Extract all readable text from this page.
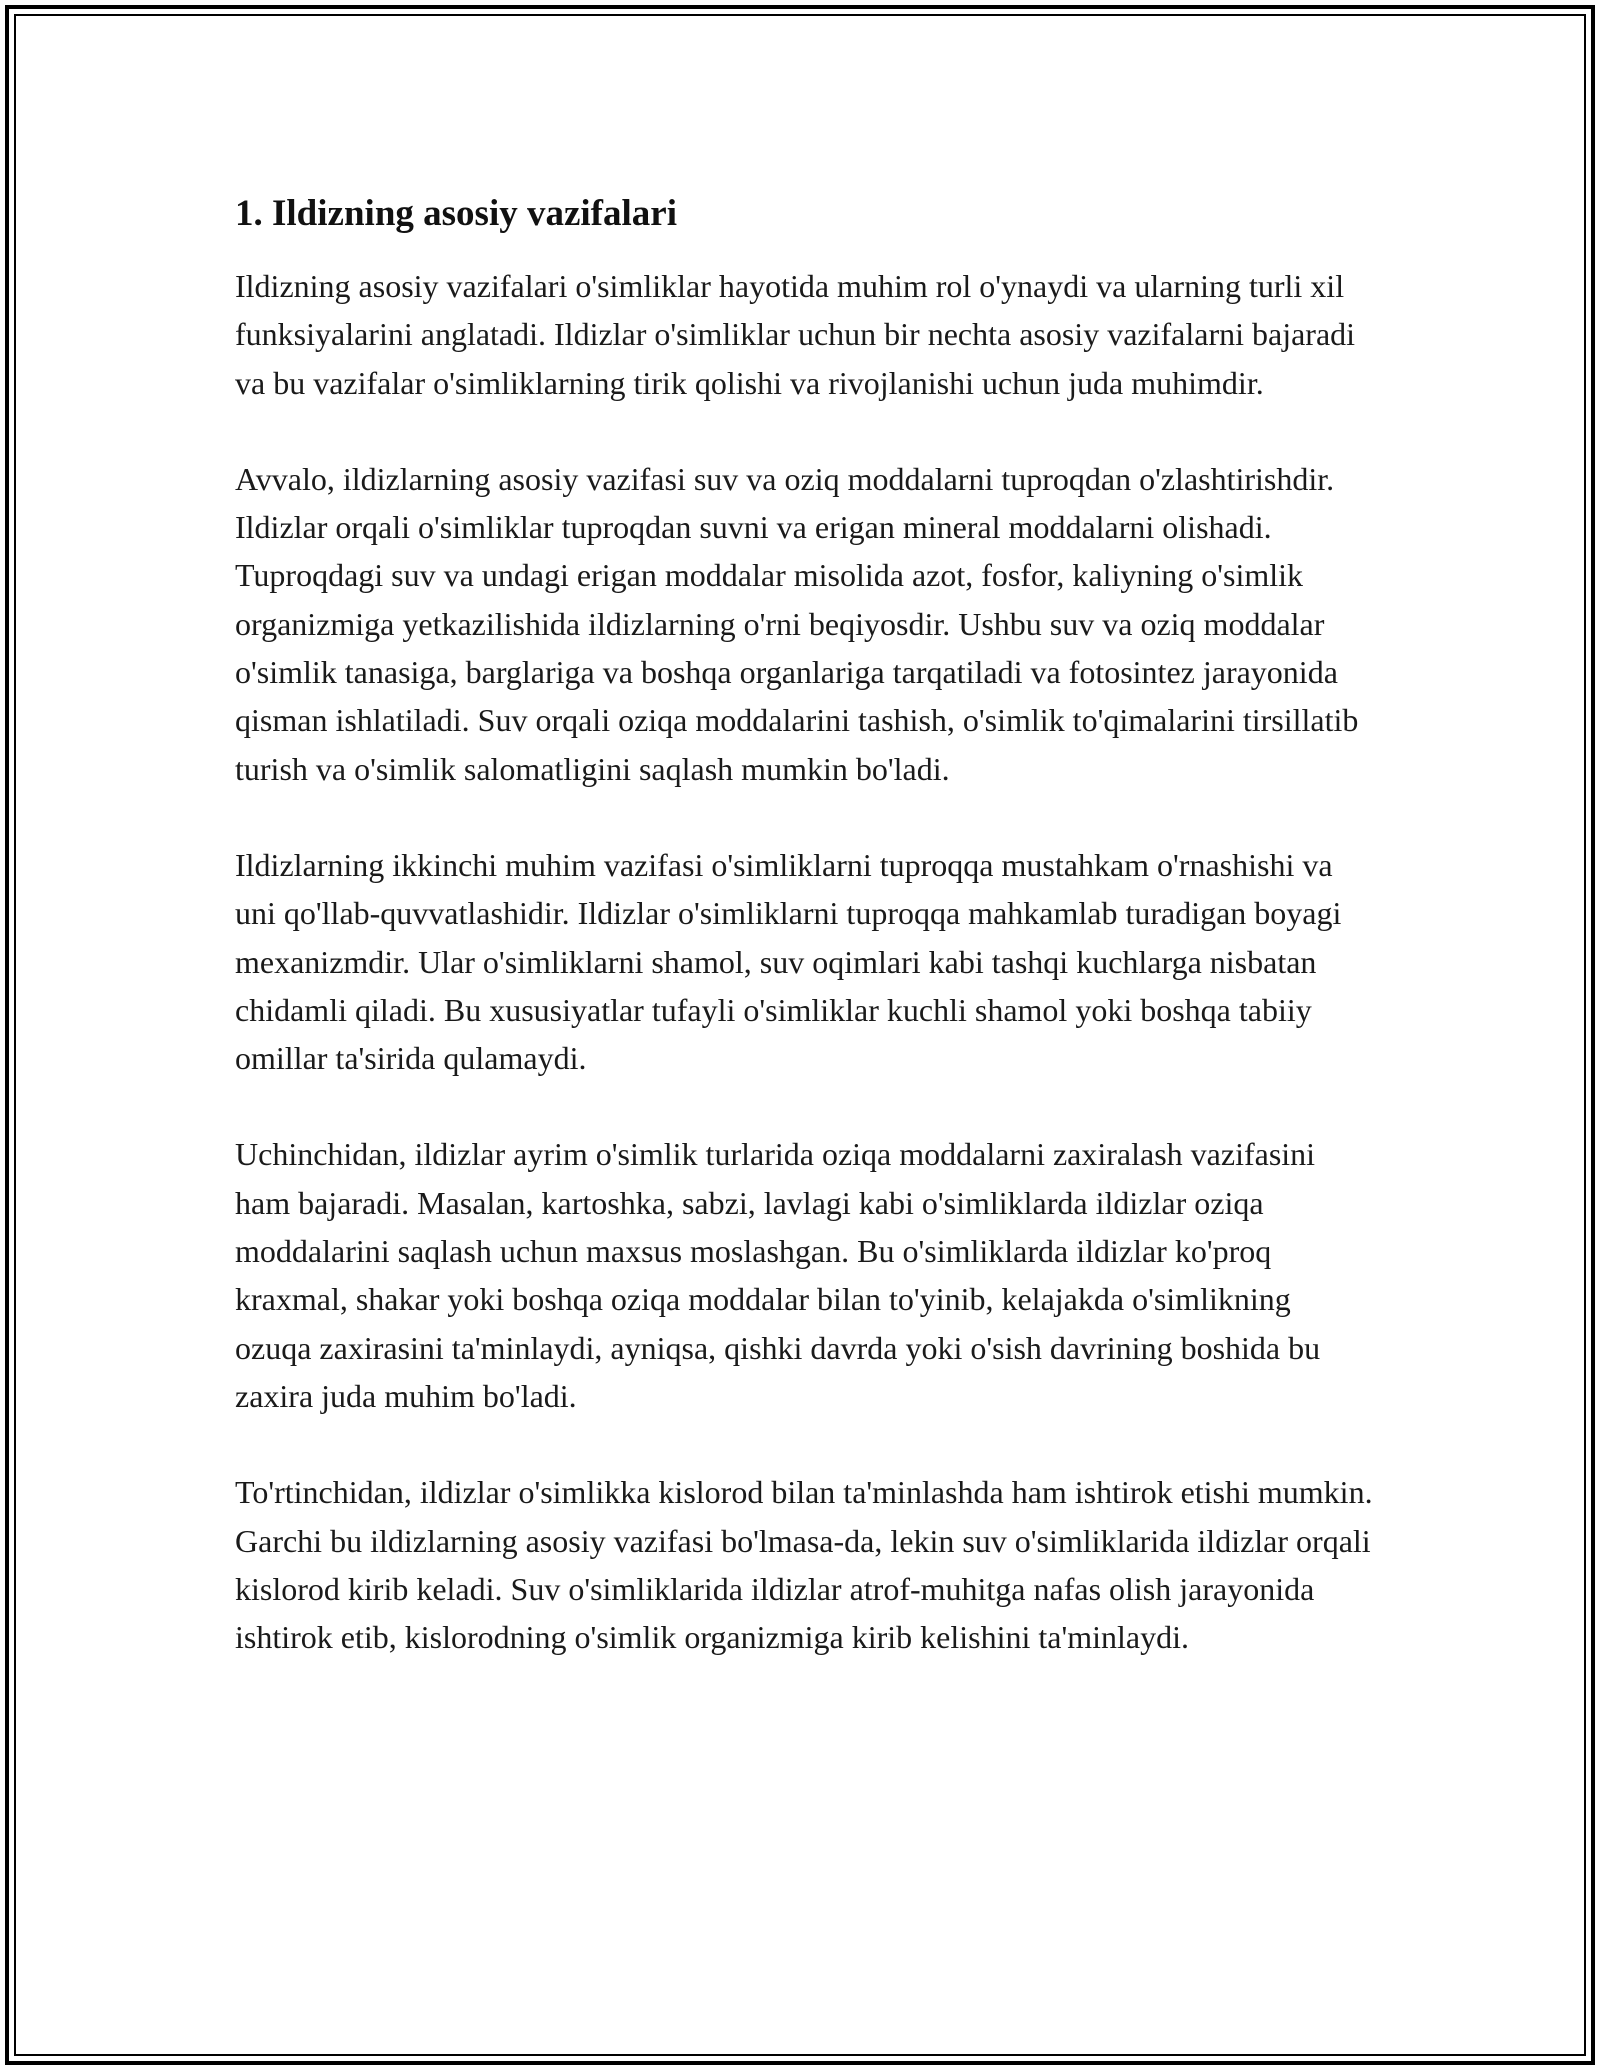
1. Ildizning asosiy vazifalari

Ildizning asosiy vazifalari o'simliklar hayotida muhim rol o'ynaydi va ularning turli xil funksiyalarini anglatadi. Ildizlar o'simliklar uchun bir nechta asosiy vazifalarni bajaradi va bu vazifalar o'simliklarning tirik qolishi va rivojlanishi uchun juda muhimdir.

Avvalo, ildizlarning asosiy vazifasi suv va oziq moddalarni tuproqdan o'zlashtirishdir. Ildizlar orqali o'simliklar tuproqdan suvni va erigan mineral moddalarni olishadi. Tuproqdagi suv va undagi erigan moddalar misolida azot, fosfor, kaliyning o'simlik organizmiga yetkazilishida ildizlarning o'rni beqiyosdir. Ushbu suv va oziq moddalar o'simlik tanasiga, barglariga va boshqa organlariga tarqatiladi va fotosintez jarayonida qisman ishlatiladi. Suv orqali oziqa moddalarini tashish, o'simlik to'qimalarini tirsillatib turish va o'simlik salomatligini saqlash mumkin bo'ladi.

Ildizlarning ikkinchi muhim vazifasi o'simliklarni tuproqqa mustahkam o'rnashishi va uni qo'llab-quvvatlashidir. Ildizlar o'simliklarni tuproqqa mahkamlab turadigan boyagi mexanizmdir. Ular o'simliklarni shamol, suv oqimlari kabi tashqi kuchlarga nisbatan chidamli qiladi. Bu xususiyatlar tufayli o'simliklar kuchli shamol yoki boshqa tabiiy omillar ta'sirida qulamaydi.

Uchinchidan, ildizlar ayrim o'simlik turlarida oziqa moddalarni zaxiralash vazifasini ham bajaradi. Masalan, kartoshka, sabzi, lavlagi kabi o'simliklarda ildizlar oziqa moddalarini saqlash uchun maxsus moslashgan. Bu o'simliklarda ildizlar ko'proq kraxmal, shakar yoki boshqa oziqa moddalar bilan to'yinib, kelajakda o'simlikning ozuqa zaxirasini ta'minlaydi, ayniqsa, qishki davrda yoki o'sish davrining boshida bu zaxira juda muhim bo'ladi.

To'rtinchidan, ildizlar o'simlikka kislorod bilan ta'minlashda ham ishtirok etishi mumkin. Garchi bu ildizlarning asosiy vazifasi bo'lmasa-da, lekin suv o'simliklarida ildizlar orqali kislorod kirib keladi. Suv o'simliklarida ildizlar atrof-muhitga nafas olish jarayonida ishtirok etib, kislorodning o'simlik organizmiga kirib kelishini ta'minlaydi.
